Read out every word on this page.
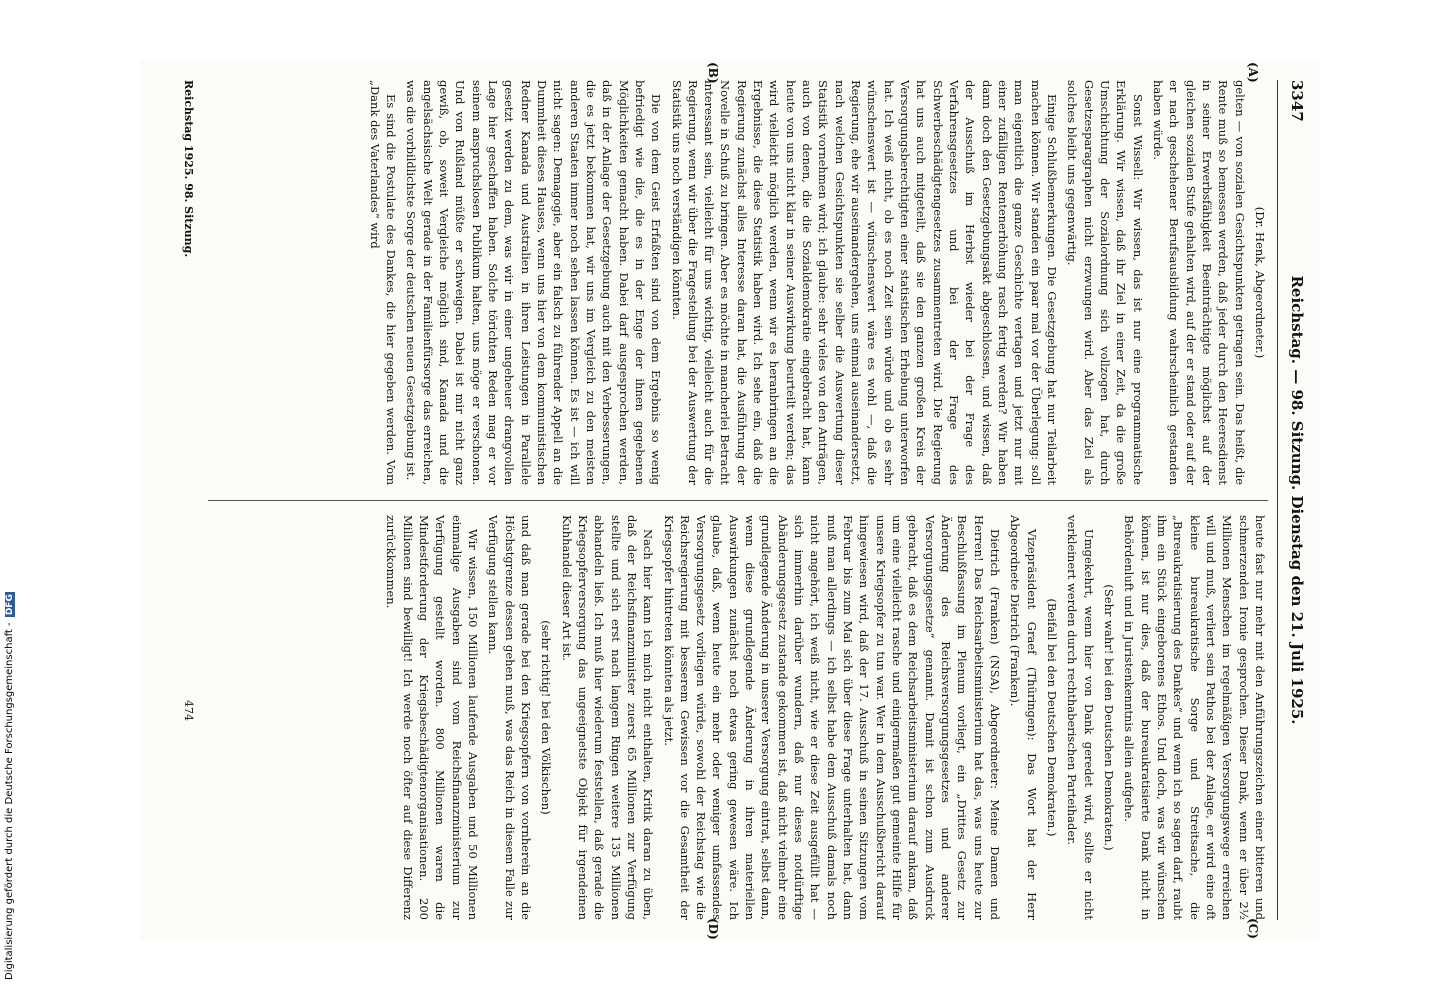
3347
Reichstag. — 98. Sitzung. Dienstag den 21. Juli 1925.
(A)
(B)
(C)
(D)

(Dr. Henk, Abgeordneter.)

gelten — von sozialen Gesichtspunkten getragen sein. Das heißt, die Rente muß so bemessen werden, daß jeder durch den Heeresdienst in seiner Erwerbsfähigkeit Beeinträchtigte möglichst auf der gleichen sozialen Stufe gehalten wird, auf der er stand oder auf der er nach geschehener Berufsausbildung wahrscheinlich gestanden haben würde.

Sonst Wissell: Wir wissen, das ist nur eine programmatische Erklärung. Wir wissen, daß ihr Ziel in einer Zeit, da die große Umschichtung der Sozialordnung sich vollzogen hat, durch Gesetzesparagraphen nicht erzwungen wird. Aber das Ziel als solches bleibt uns gegenwärtig.

Einige Schlußbemerkungen. Die Gesetzgebung hat nur Teilarbeit machen können. Wir standen ein paar mal vor der Überlegung: soll man eigentlich die ganze Geschichte vertagen und jetzt nur mit einer zufälligen Rentenerhöhung rasch fertig werden? Wir haben dann doch den Gesetzgebungsakt abgeschlossen, und wissen, daß der Ausschuß im Herbst wieder bei der Frage des Verfahrensgesetzes und bei der Frage des Schwerbeschädigtengesetzes zusammentreten wird. Die Regierung hat uns auch mitgeteilt, daß sie den ganzen großen Kreis der Versorgungsberechtigten einer statistischen Erhebung unterworfen hat. Ich weiß nicht, ob es noch Zeit sein würde und ob es sehr wünschenswert ist — wünschenswert wäre es wohl —, daß die Regierung, ehe wir auseinandergehen, uns einmal auseinandersetzt, nach welchen Gesichtspunkten sie selber die Auswertung dieser Statistik vornehmen wird; ich glaube: sehr vieles von den Anträgen, auch von denen, die die Sozialdemokratie eingebracht hat, kann heute von uns nicht klar in seiner Auswirkung beurteilt werden; das wird vielleicht möglich werden, wenn wir es heranbringen an die Ergebnisse, die diese Statistik haben wird. Ich sehe ein, daß die Regierung zunächst alles Interesse daran hat, die Ausführung der Novelle in Schuß zu bringen. Aber es möchte in mancherlei Betracht interessant sein, vielleicht für uns wichtig, vielleicht auch für die Regierung, wenn wir über die Fragestellung bei der Auswertung der Statistik uns noch verständigen könnten.

Die von dem Geist Erfaßten sind von dem Ergebnis so wenig befriedigt wie die, die es in der Enge der ihnen gegebenen Möglichkeiten gemacht haben. Dabei darf ausgesprochen werden, daß in der Anlage der Gesetzgebung auch mit den Verbesserungen, die es jetzt bekommen hat, wir uns im Vergleich zu den meisten anderen Staaten immer noch sehen lassen können. Es ist — ich will nicht sagen: Demagogie, aber ein falsch zu führender Appell an die Dummheit dieses Hauses, wenn uns hier von dem kommunistischen Redner Kanada und Australien in ihren Leistungen in Parallele gesetzt werden zu dem, was wir in einer ungeheuer drangvollen Lage hier geschaffen haben. Solche törichten Reden mag er vor seinem anspruchslosen Publikum halten, uns möge er verschonen. Und von Rußland müßte er schweigen. Dabei ist mir nicht ganz gewiß, ob, soweit Vergleiche möglich sind, Kanada und die angelsächsische Welt gerade in der Familienfürsorge das erreichen, was die vorbildlichste Sorge der deutschen neuen Gesetzgebung ist.

Es sind die Postulate des Dankes, die hier gegeben werden. Vom „Dank des Vaterlandes“ wird

heute fast nur mehr mit den Anführungszeichen einer bitteren und schmerzenden Ironie gesprochen. Dieser Dank, wenn er über 2½ Millionen Menschen im regelmäßigen Versorgungswege erreichen will und muß, verliert sein Pathos bei der Anlage, er wird eine oft kleine bureaukratische Sorge und Streitsache, die „Bureaukratisierung des Dankes“ und wenn ich so sagen darf, raubt ihm ein Stück eingeborenes Ethos. Und doch, was wir wünschen können, ist nur dies, daß der bureaukratisierte Dank nicht in Behördenluft und in Juristenkenntnis allein aufgehe.

(Sehr wahr! bei den Deutschen Demokraten.)

Umgekehrt, wenn hier von Dank geredet wird, sollte er nicht verkleinert werden durch rechthaberischen Parteihader.

(Beifall bei den Deutschen Demokraten.)

Vizepräsident Graef (Thüringen): Das Wort hat der Herr Abgeordnete Dietrich (Franken).

Dietrich (Franken) (NSA), Abgeordneter: Meine Damen und Herren! Das Reichsarbeitsministerium hat das, was uns heute zur Beschlußfassung im Plenum vorliegt, ein „Drittes Gesetz zur Änderung des Reichsversorgungsgesetzes und anderer Versorgungsgesetze“ genannt. Damit ist schon zum Ausdruck gebracht, daß es dem Reichsarbeitsministerium darauf ankam, daß um eine vielleicht rasche und einigermaßen gut gemeinte Hilfe für unsere Kriegsopfer zu tun war. Wer in dem Ausschußbericht darauf hingewiesen wird, daß der 17. Ausschuß in seinen Sitzungen vom Februar bis zum Mai sich über diese Frage unterhalten hat, dann muß man allerdings — ich selbst habe dem Ausschuß damals noch nicht angehört, ich weiß nicht, wie er diese Zeit ausgefüllt hat — sich immerhin darüber wundern, daß nur dieses notdürftige Abänderungsgesetz zustande gekommen ist, daß nicht vielmehr eine grundlegende Änderung in unserer Versorgung eintrat, selbst dann, wenn diese grundlegende Änderung in ihren materiellen Auswirkungen zunächst noch etwas gering gewesen wäre. Ich glaube, daß, wenn heute ein mehr oder weniger umfassendes Versorgungsgesetz vorliegen würde, sowohl der Reichstag wie die Reichsregierung mit besserem Gewissen vor die Gesamtheit der Kriegsopfer hintreten könnten als jetzt.

Nach hier kann ich mich nicht enthalten, Kritik daran zu üben, daß der Reichsfinanzminister zuerst 65 Millionen zur Verfügung stellte und sich erst nach langem Ringen weitere 135 Millionen abhandeln ließ. Ich muß hier wiederum feststellen, daß gerade die Kriegsopferversorgung das ungeeignetste Objekt für irgendeinen Kuhhandel dieser Art ist.

(sehr richtig! bei den Völkischen)

und daß man gerade bei den Kriegsopfern von vornherein an die Höchstgrenze dessen gehen muß, was das Reich in diesem Falle zur Verfügung stellen kann.

Wir wissen, 150 Millionen laufende Ausgaben und 50 Millionen einmalige Ausgaben sind vom Reichsfinanzministerium zur Verfügung gestellt worden. 800 Millionen waren die Mindestforderung der Kriegsbeschädigtenorganisationen. 200 Millionen sind bewilligt! Ich werde noch öfter auf diese Differenz zurückkommen.

Reichstag 1925. 98. Sitzung.
474
Digitalisierung gefördert durch die Deutsche Forschungsgemeinschaft - DFG
